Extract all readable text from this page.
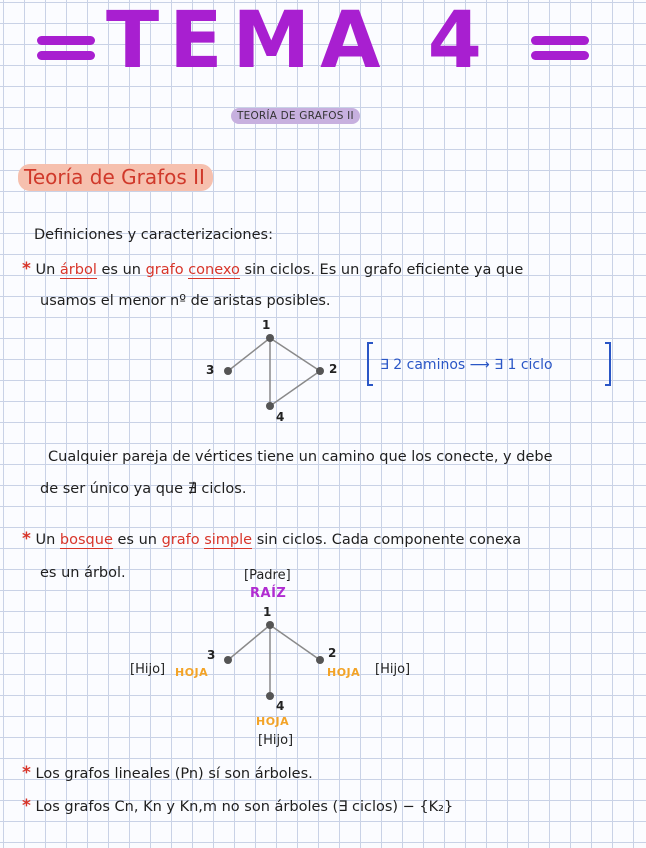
TEMA 4
TEORÍA DE GRAFOS II
Teoría de Grafos II
Definiciones y caracterizaciones:
* Un árbol es un grafo conexo sin ciclos. Es un grafo eficiente ya que
usamos el menor nº de aristas posibles.
1
2
3
4
∃ 2 caminos ⟶ ∃ 1 ciclo
Cualquier pareja de vértices tiene un camino que los conecte, y debe
de ser único ya que ∄ ciclos.
* Un bosque es un grafo simple sin ciclos. Cada componente conexa
es un árbol.	[Padre]
RAÍZ
1
2
3
4
[Hijo] HOJA	HOJA [Hijo]
HOJA
[Hijo]
* Los grafos lineales (Pn) sí son árboles.
* Los grafos Cn, Kn y Kn,m no son árboles (∃ ciclos) − {K₂}
